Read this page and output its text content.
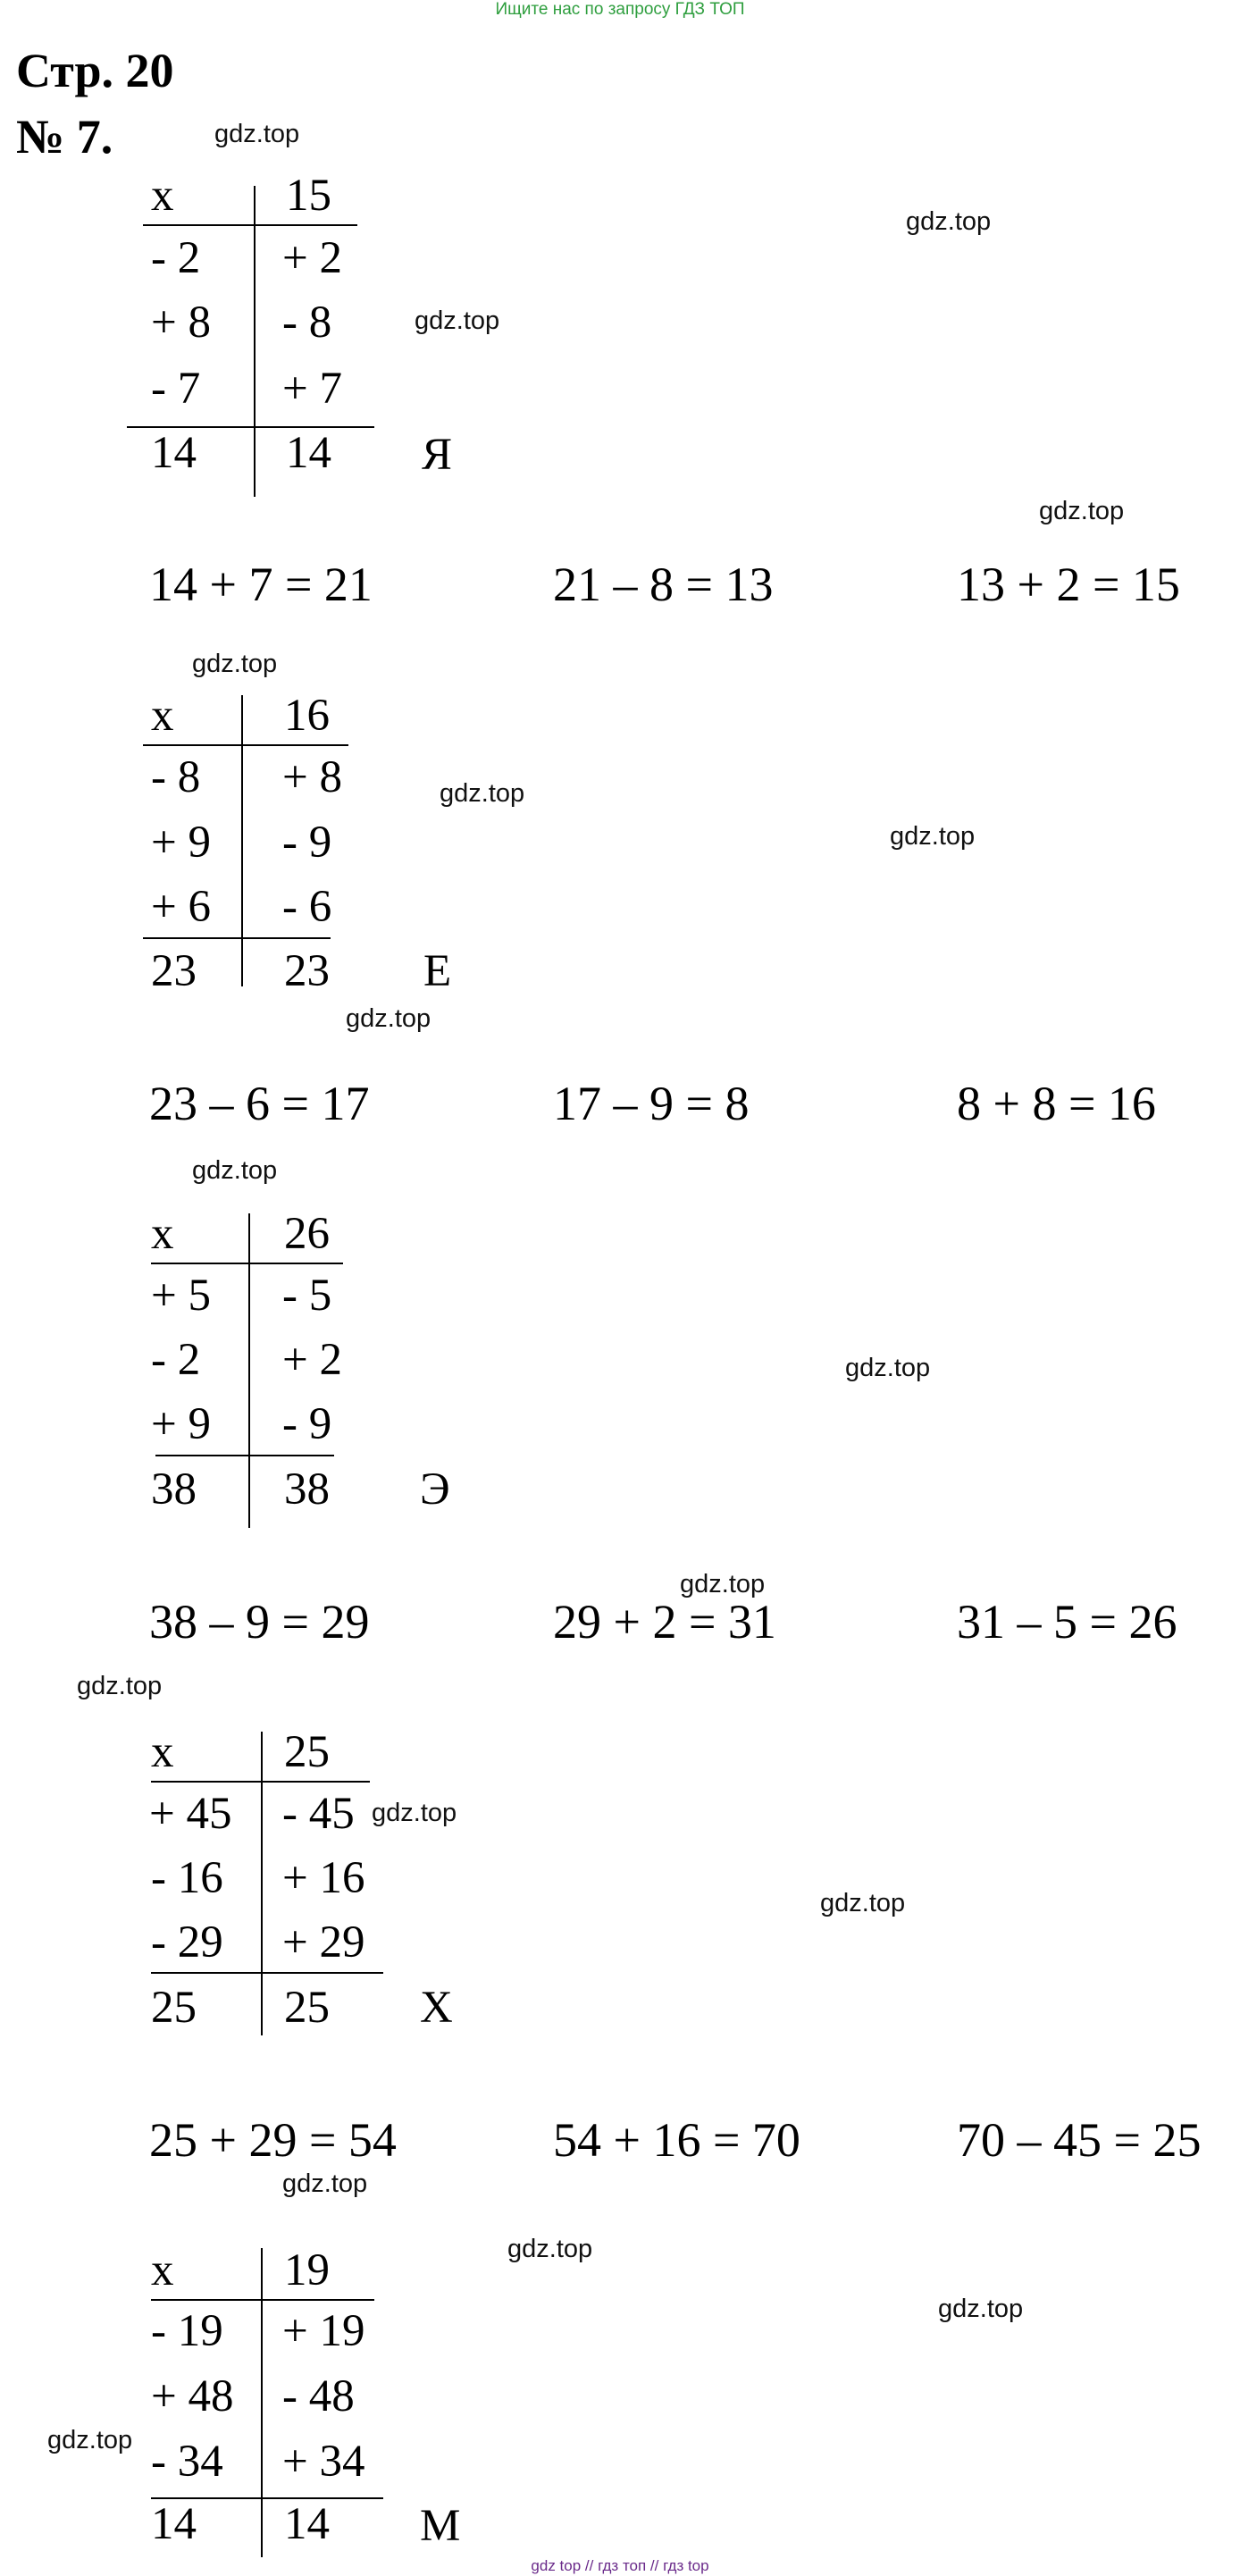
Ищите нас по запросу ГДЗ ТОП
Стр. 20
№ 7.	gdz.top
gdz.top
gdz.top
gdz.top
gdz.top
gdz.top
gdz.top
gdz.top
gdz.top
gdz.top
gdz.top
gdz.top
gdz.top
gdz.top
gdz.top
gdz.top
gdz.top
gdz.top
x 15
- 2 + 2
+ 8 - 8
- 7 + 7
14 14 Я
14 + 7 = 21	21 – 8 = 13	13 + 2 = 15
x 16
- 8 + 8
+ 9 - 9
+ 6 - 6
23 23 Е
23 – 6 = 17	17 – 9 = 8	8 + 8 = 16
x 26
+ 5 - 5
- 2 + 2
+ 9 - 9
38 38 Э
38 – 9 = 29	29 + 2 = 31	31 – 5 = 26
x 25
+ 45 - 45
- 16 + 16
- 29 + 29
25 25 Х
25 + 29 = 54	54 + 16 = 70	70 – 45 = 25
x 19
- 19 + 19
+ 48 - 48
- 34 + 34
14 14 М
gdz top // гдз топ // гдз top
